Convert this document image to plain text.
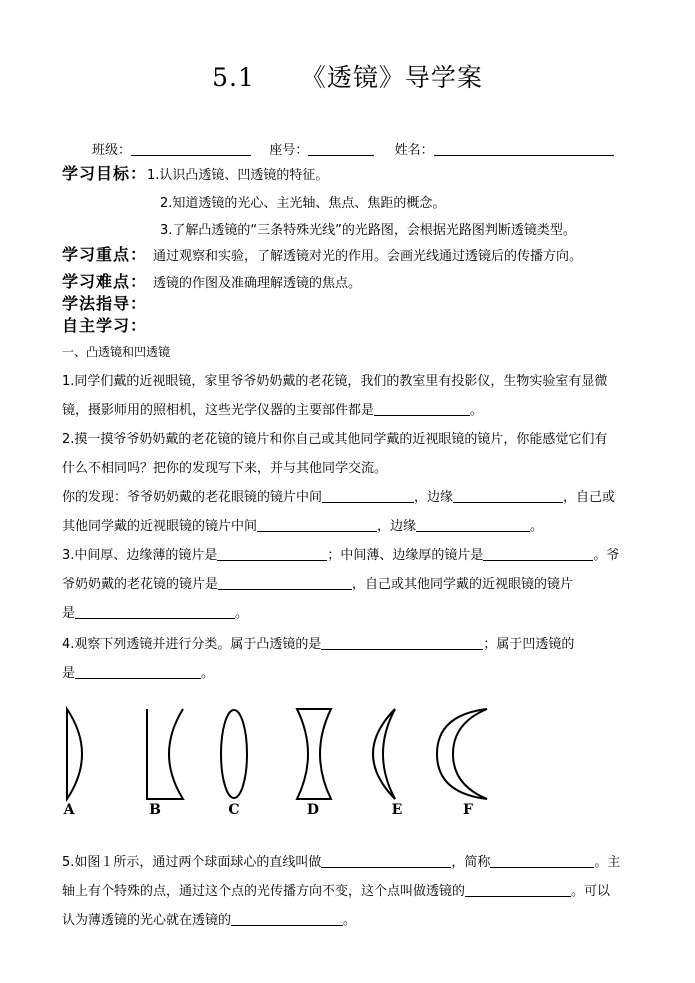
5.1 《透镜》导学案
班级：	座号：	姓名：
学习目标：1.认识凸透镜、凹透镜的特征。
2.知道透镜的光心、主光轴、焦点、焦距的概念。
3.了解凸透镜的“三条特殊光线”的光路图，会根据光路图判断透镜类型。
学习重点： 通过观察和实验，了解透镜对光的作用。会画光线通过透镜后的传播方向。
学习难点： 透镜的作图及准确理解透镜的焦点。
学法指导：
自主学习：
一、凸透镜和凹透镜
1.同学们戴的近视眼镜，家里爷爷奶奶戴的老花镜，我们的教室里有投影仪，生物实验室有显微
镜，摄影师用的照相机，这些光学仪器的主要部件都是	。
2.摸一摸爷爷奶奶戴的老花镜的镜片和你自己或其他同学戴的近视眼镜的镜片，你能感觉它们有
什么不相同吗？把你的发现写下来，并与其他同学交流。
你的发现：爷爷奶奶戴的老花眼镜的镜片中间	，边缘	，自己或
其他同学戴的近视眼镜的镜片中间	，边缘	。
3.中间厚、边缘薄的镜片是	；中间薄、边缘厚的镜片是	。爷
爷奶奶戴的老花镜的镜片是	，自己或其他同学戴的近视眼镜的镜片
是	。
4.观察下列透镜并进行分类。属于凸透镜的是	；属于凹透镜的
是	。
A	B	C	D	E	F
5.如图１所示，通过两个球面球心的直线叫做	，简称	。主
轴上有个特殊的点，通过这个点的光传播方向不变，这个点叫做透镜的	。可以
认为薄透镜的光心就在透镜的	。
